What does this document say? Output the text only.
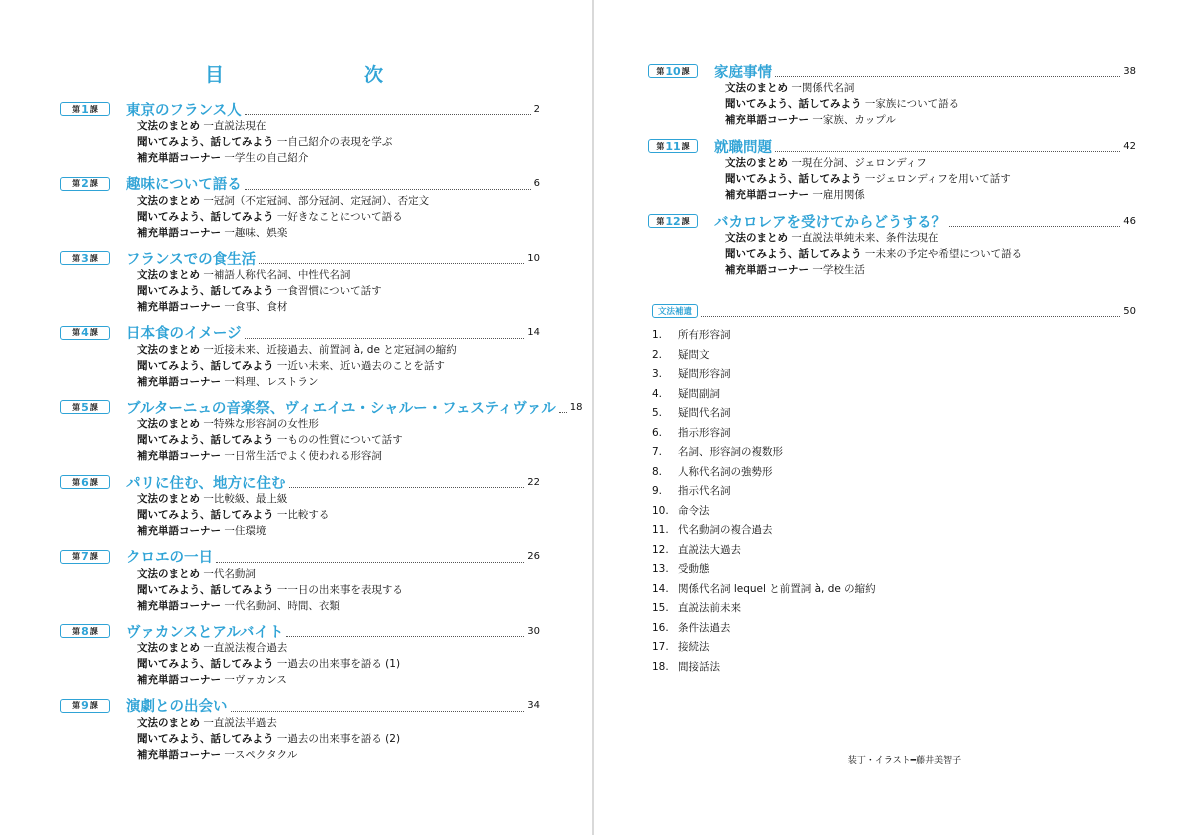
目　　次
第 1 課 東京のフランス人	2
文法のまとめ 一直説法現在
聞いてみよう、話してみよう 一自己紹介の表現を学ぶ
補充単語コーナー 一学生の自己紹介
第 2 課 趣味について語る	6
文法のまとめ 一冠詞（不定冠詞、部分冠詞、定冠詞）、否定文
聞いてみよう、話してみよう 一好きなことについて語る
補充単語コーナー 一趣味、娯楽
第 3 課 フランスでの食生活	10
文法のまとめ 一補語人称代名詞、中性代名詞
聞いてみよう、話してみよう 一食習慣について話す
補充単語コーナー 一食事、食材
第 4 課 日本食のイメージ	14
文法のまとめ 一近接未来、近接過去、前置詞 à, de と定冠詞の縮約
聞いてみよう、話してみよう 一近い未来、近い過去のことを話す
補充単語コーナー 一料理、レストラン
第 5 課 ブルターニュの音楽祭、ヴィエイユ・シャルー・フェスティヴァル 18
文法のまとめ 一特殊な形容詞の女性形
聞いてみよう、話してみよう 一ものの性質について話す
補充単語コーナー 一日常生活でよく使われる形容詞
第 6 課 パリに住む、地方に住む	22
文法のまとめ 一比較級、最上級
聞いてみよう、話してみよう 一比較する
補充単語コーナー 一住環境
第 7 課 クロエの一日	26
文法のまとめ 一代名動詞
聞いてみよう、話してみよう 一一日の出来事を表現する
補充単語コーナー 一代名動詞、時間、衣類
第 8 課 ヴァカンスとアルバイト	30
文法のまとめ 一直説法複合過去
聞いてみよう、話してみよう 一過去の出来事を語る (1)
補充単語コーナー 一ヴァカンス
第 9 課 演劇との出会い	34
文法のまとめ 一直説法半過去
聞いてみよう、話してみよう 一過去の出来事を語る (2)
補充単語コーナー 一スペクタクル
第 10 課 家庭事情	38
文法のまとめ 一関係代名詞
聞いてみよう、話してみよう 一家族について語る
補充単語コーナー 一家族、カップル
第 11 課 就職問題	42
文法のまとめ 一現在分詞、ジェロンディフ
聞いてみよう、話してみよう 一ジェロンディフを用いて話す
補充単語コーナー 一雇用関係
第 12 課 バカロレアを受けてからどうする？	46
文法のまとめ 一直説法単純未来、条件法現在
聞いてみよう、話してみよう 一未来の予定や希望について語る
補充単語コーナー 一学校生活
文法補遺	50
1. 所有形容詞
2. 疑問文
3. 疑問形容詞
4. 疑問副詞
5. 疑問代名詞
6. 指示形容詞
7. 名詞、形容詞の複数形
8. 人称代名詞の強勢形
9. 指示代名詞
10. 命令法
11. 代名動詞の複合過去
12. 直説法大過去
13. 受動態
14. 関係代名詞 lequel と前置詞 à, de の縮約
15. 直説法前未来
16. 条件法過去
17. 接続法
18. 間接話法
装丁・イラスト━藤井美智子
